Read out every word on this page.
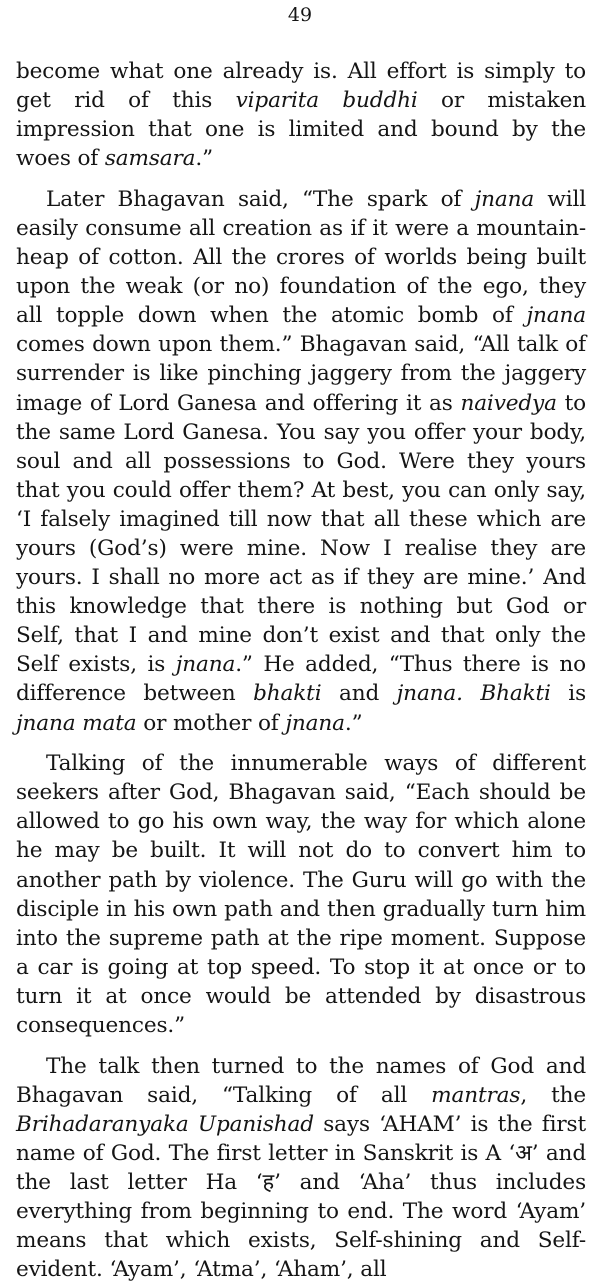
49

become what one already is. All effort is simply to get rid of this viparita buddhi or mistaken impression that one is limited and bound by the woes of samsara.”

Later Bhagavan said, “The spark of jnana will easily consume all creation as if it were a mountain-heap of cotton. All the crores of worlds being built upon the weak (or no) foundation of the ego, they all topple down when the atomic bomb of jnana comes down upon them.” Bhagavan said, “All talk of surrender is like pinching jaggery from the jaggery image of Lord Ganesa and offering it as naivedya to the same Lord Ganesa. You say you offer your body, soul and all possessions to God. Were they yours that you could offer them? At best, you can only say, ‘I falsely imagined till now that all these which are yours (God’s) were mine. Now I realise they are yours. I shall no more act as if they are mine.’ And this knowledge that there is nothing but God or Self, that I and mine don’t exist and that only the Self exists, is jnana.” He added, “Thus there is no difference between bhakti and jnana. Bhakti is jnana mata or mother of jnana.”

Talking of the innumerable ways of different seekers after God, Bhagavan said, “Each should be allowed to go his own way, the way for which alone he may be built. It will not do to convert him to another path by violence. The Guru will go with the disciple in his own path and then gradually turn him into the supreme path at the ripe moment. Suppose a car is going at top speed. To stop it at once or to turn it at once would be attended by disastrous consequences.”

The talk then turned to the names of God and Bhagavan said, “Talking of all mantras, the Brihadaranyaka Upanishad says ‘AHAM’ is the first name of God. The first letter in Sanskrit is A ‘अ’ and the last letter Ha ‘ह’ and ‘Aha’ thus includes everything from beginning to end. The word ‘Ayam’ means that which exists, Self-shining and Self-evident. ‘Ayam’, ‘Atma’, ‘Aham’, all
